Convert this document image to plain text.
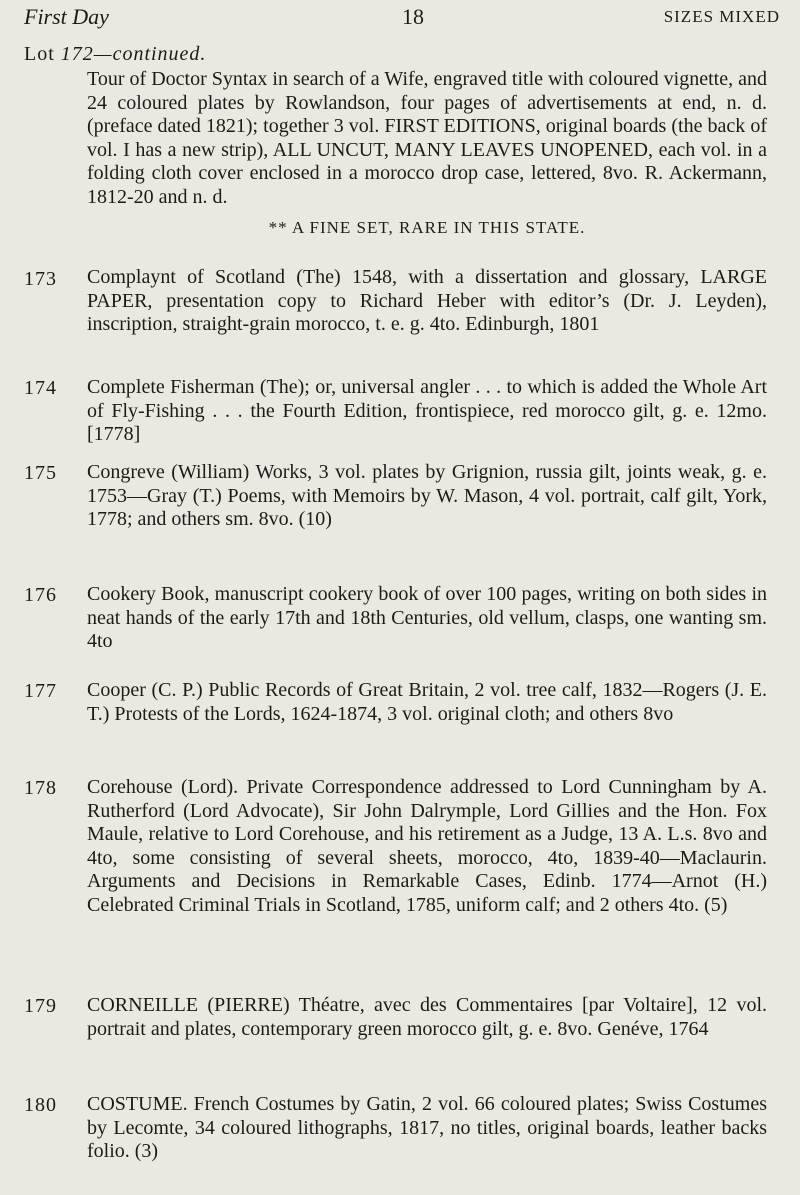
First Day	18	SIZES MIXED
Lot 172—continued.
Tour of Doctor Syntax in search of a Wife, engraved title with coloured vignette, and 24 coloured plates by Rowlandson, four pages of advertisements at end, n. d. (preface dated 1821); together 3 vol. FIRST EDITIONS, original boards (the back of vol. I has a new strip), ALL UNCUT, MANY LEAVES UNOPENED, each vol. in a folding cloth cover enclosed in a morocco drop case, lettered, 8vo. R. Ackermann, 1812-20 and n. d.
** A FINE SET, RARE IN THIS STATE.
173 Complaynt of Scotland (The) 1548, with a dissertation and glossary, LARGE PAPER, presentation copy to Richard Heber with editor’s (Dr. J. Leyden), inscription, straight-grain morocco, t. e. g. 4to. Edinburgh, 1801
174 Complete Fisherman (The); or, universal angler . . . to which is added the Whole Art of Fly-Fishing . . . the Fourth Edition, frontispiece, red morocco gilt, g. e. 12mo. [1778]
175 Congreve (William) Works, 3 vol. plates by Grignion, russia gilt, joints weak, g. e. 1753—Gray (T.) Poems, with Memoirs by W. Mason, 4 vol. portrait, calf gilt, York, 1778; and others sm. 8vo. (10)
176 Cookery Book, manuscript cookery book of over 100 pages, writing on both sides in neat hands of the early 17th and 18th Centuries, old vellum, clasps, one wanting sm. 4to
177 Cooper (C. P.) Public Records of Great Britain, 2 vol. tree calf, 1832—Rogers (J. E. T.) Protests of the Lords, 1624-1874, 3 vol. original cloth; and others 8vo
178 Corehouse (Lord). Private Correspondence addressed to Lord Cunningham by A. Rutherford (Lord Advocate), Sir John Dalrymple, Lord Gillies and the Hon. Fox Maule, relative to Lord Corehouse, and his retirement as a Judge, 13 A. L.s. 8vo and 4to, some consisting of several sheets, morocco, 4to, 1839-40—Maclaurin. Arguments and Decisions in Remarkable Cases, Edinb. 1774—Arnot (H.) Celebrated Criminal Trials in Scotland, 1785, uniform calf; and 2 others 4to. (5)
179 CORNEILLE (PIERRE) Théatre, avec des Commentaires [par Voltaire], 12 vol. portrait and plates, contemporary green morocco gilt, g. e. 8vo. Genéve, 1764
180 COSTUME. French Costumes by Gatin, 2 vol. 66 coloured plates; Swiss Costumes by Lecomte, 34 coloured lithographs, 1817, no titles, original boards, leather backs folio. (3)
